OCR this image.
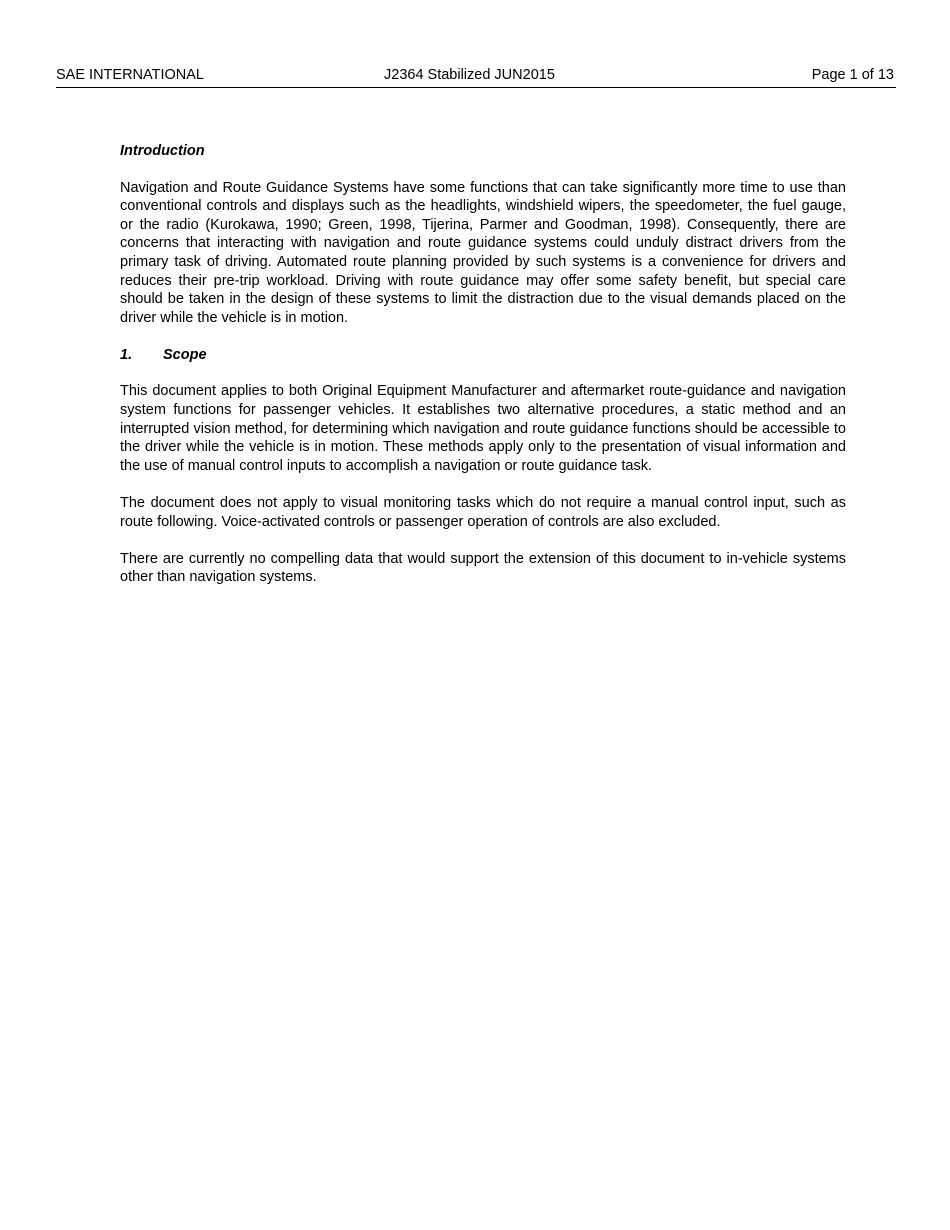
SAE INTERNATIONAL	J2364 Stabilized JUN2015	Page 1 of 13
Introduction

Navigation and Route Guidance Systems have some functions that can take significantly more time to use than conventional controls and displays such as the headlights, windshield wipers, the speedometer, the fuel gauge, or the radio (Kurokawa, 1990; Green, 1998, Tijerina, Parmer and Goodman, 1998). Consequently, there are concerns that interacting with navigation and route guidance systems could unduly distract drivers from the primary task of driving. Automated route planning provided by such systems is a convenience for drivers and reduces their pre-trip workload. Driving with route guidance may offer some safety benefit, but special care should be taken in the design of these systems to limit the distraction due to the visual demands placed on the driver while the vehicle is in motion.

1. Scope

This document applies to both Original Equipment Manufacturer and aftermarket route-guidance and navigation system functions for passenger vehicles. It establishes two alternative procedures, a static method and an interrupted vision method, for determining which navigation and route guidance functions should be accessible to the driver while the vehicle is in motion. These methods apply only to the presentation of visual information and the use of manual control inputs to accomplish a navigation or route guidance task.

The document does not apply to visual monitoring tasks which do not require a manual control input, such as route following. Voice-activated controls or passenger operation of controls are also excluded.

There are currently no compelling data that would support the extension of this document to in-vehicle systems other than navigation systems.
